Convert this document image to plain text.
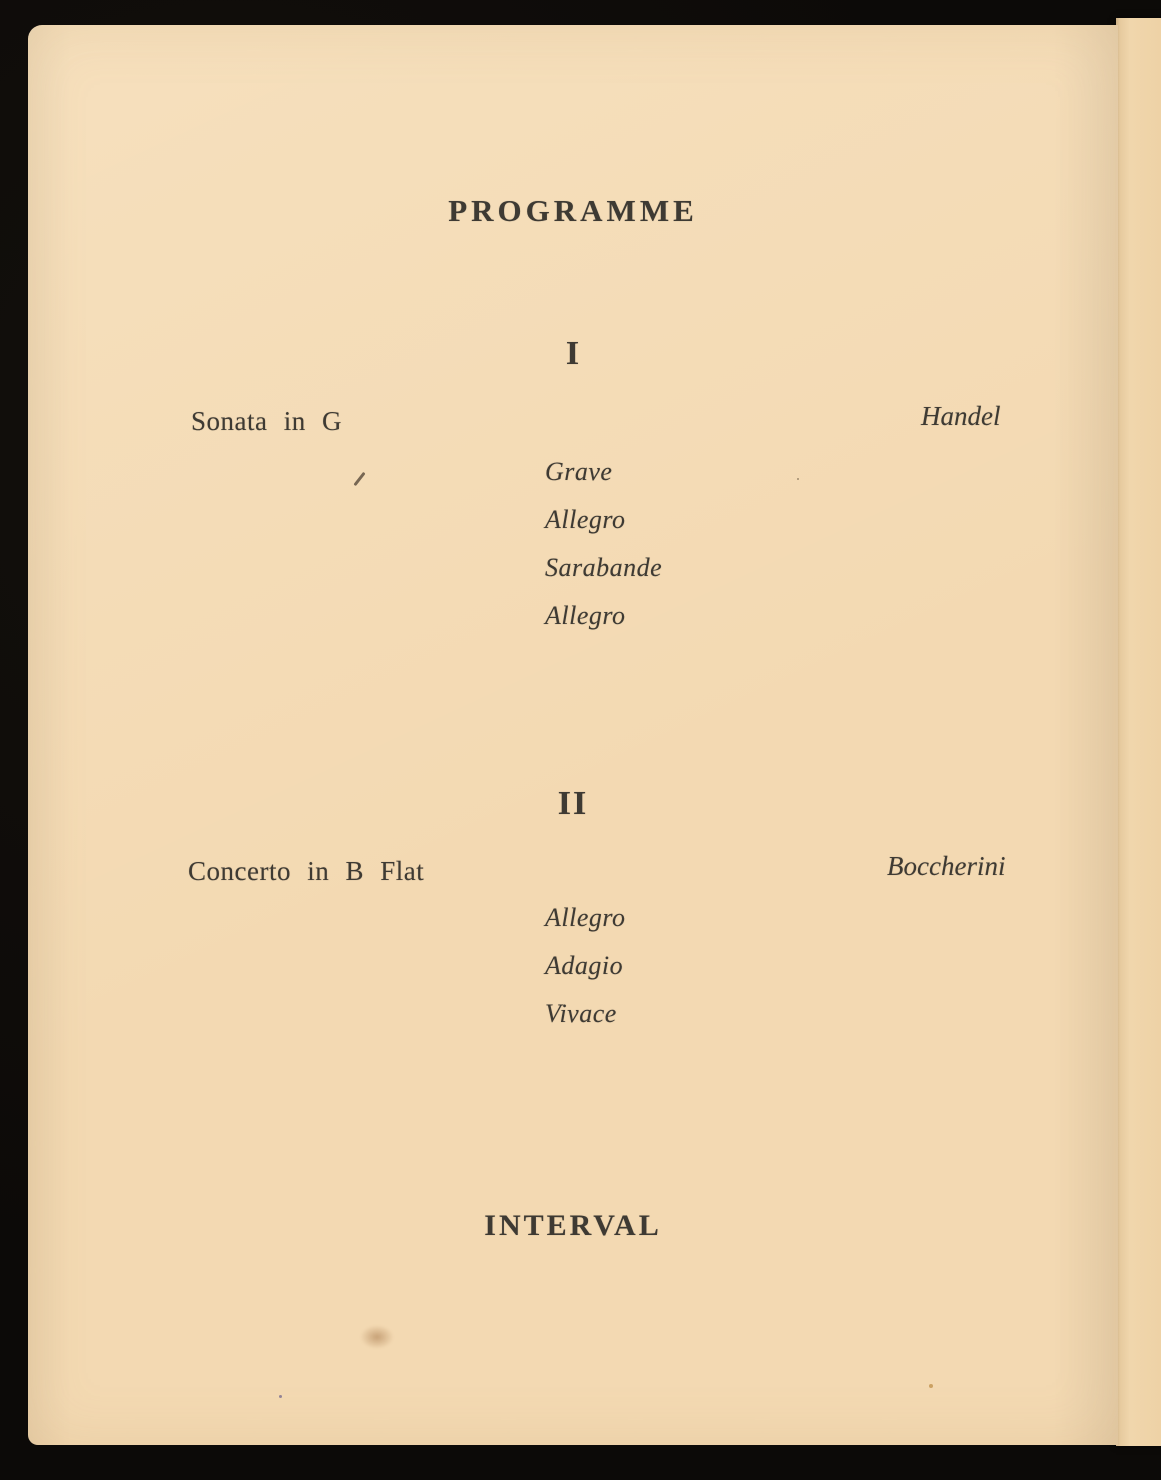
PROGRAMME
I
Sonata in G	Handel
Grave
Allegro
Sarabande
Allegro
II
Concerto in B Flat	Boccherini
Allegro
Adagio
Vivace
INTERVAL
